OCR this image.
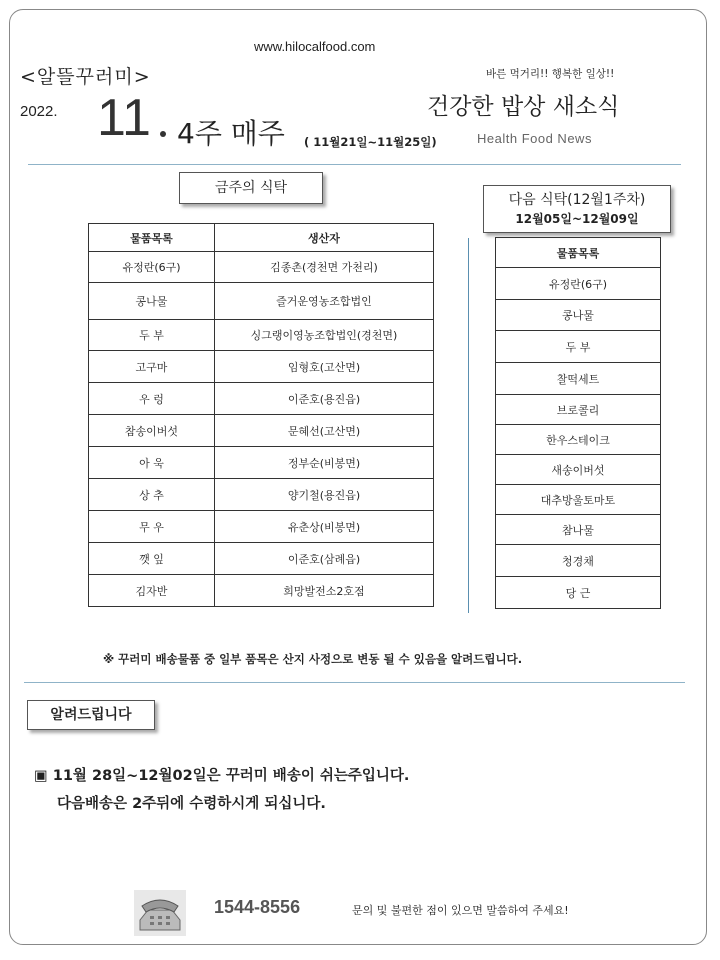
www.hilocalfood.com
<알뜰꾸러미>	바른 먹거리!! 행복한 일상!!
2022. 11 4주 매주 ( 11월21일~11월25일)
건강한 밥상 새소식
Health Food News
금주의 식탁
다음 식탁(12월1주차)
12월05일~12월09일
물품목록	생산자
유정란(6구)	김종촌(경천면 가천리)
콩나물	즐거운영농조합법인
두 부	싱그랭이영농조합법인(경천면)
고구마	임형호(고산면)
우 렁	이준호(용진읍)
참송이버섯	문혜선(고산면)
아 욱	정부순(비봉면)
상 추	양기철(용진읍)
무 우	유춘상(비봉면)
깻 잎	이준호(삼례읍)
김자반	희망발전소2호점
물품목록
유정란(6구)
콩나물
두 부
찰떡세트
브로콜리
한우스테이크
새송이버섯
대추방울토마토
참나물
청경채
당 근
※ 꾸러미 배송물품 중 일부 품목은 산지 사정으로 변동 될 수 있음을 알려드립니다.
알려드립니다
▣ 11월 28일~12월02일은 꾸러미 배송이 쉬는주입니다.
다음배송은 2주뒤에 수령하시게 되십니다.
1544-8556	문의 및 불편한 점이 있으면 말씀하여 주세요!
